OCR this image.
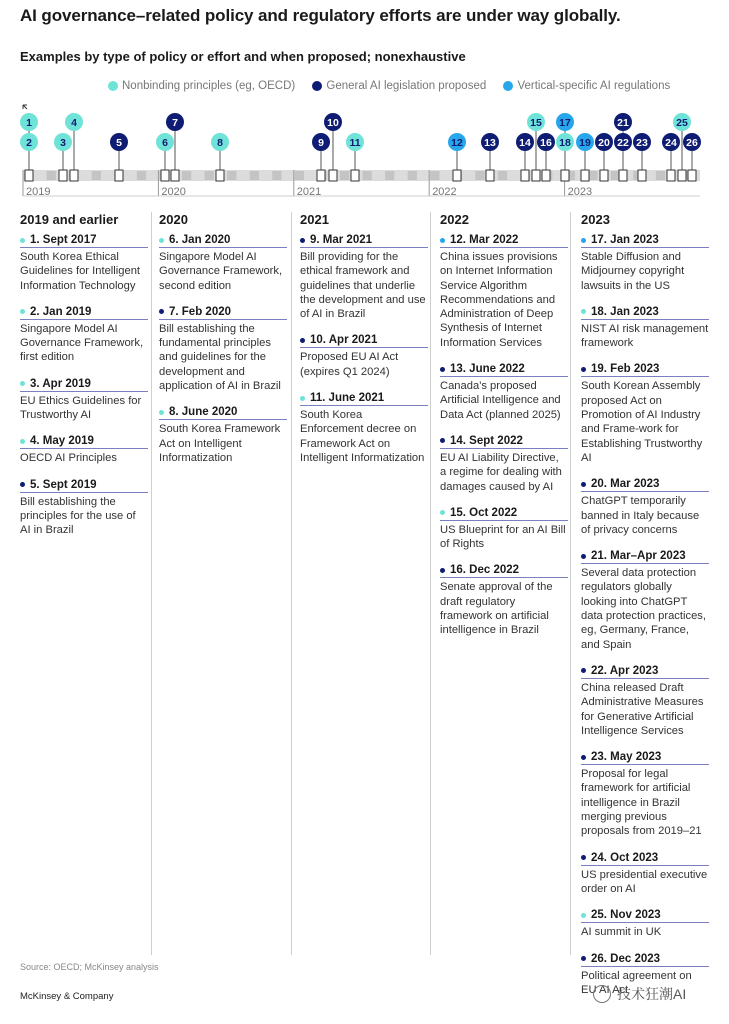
AI governance–related policy and regulatory efforts are under way globally.
Examples by type of policy or effort and when proposed; nonexhaustive
Nonbinding principles (eg, OECD)
	General AI legislation proposed
	Vertical-specific AI regulations
2019	2020	2021	2022	2023
1
2	3
4
5	6
7
8	9
10
11	12 13 14
15
16
17
18 19 20
21
22 23 24
25
26
2019 and earlier
1. Sept 2017
South Korea Ethical Guidelines for Intelligent Information Technology
2. Jan 2019
Singapore Model AI Governance Framework, first edition
3. Apr 2019
EU Ethics Guidelines for Trustworthy AI
4. May 2019
OECD AI Principles
5. Sept 2019
Bill establishing the principles for the use of AI in Brazil
2020
6. Jan 2020
Singapore Model AI Governance Framework, second edition
7. Feb 2020
Bill establishing the fundamental principles and guidelines for the development and application of AI in Brazil
8. June 2020
South Korea Framework Act on Intelligent Informatization
2021
9. Mar 2021
Bill providing for the ethical framework and guidelines that underlie the development and use of AI in Brazil
10. Apr 2021
Proposed EU AI Act (expires Q1 2024)
11. June 2021
South Korea Enforcement decree on Framework Act on Intelligent Informatization
2022
12. Mar 2022
China issues provisions on Internet Information Service Algorithm Recommendations and Administration of Deep Synthesis of Internet Information Services
13. June 2022
Canada's proposed Artificial Intelligence and Data Act (planned 2025)
14. Sept 2022
EU AI Liability Directive, a regime for dealing with damages caused by AI
15. Oct 2022
US Blueprint for an AI Bill of Rights
16. Dec 2022
Senate approval of the draft regulatory framework on artificial intelligence in Brazil
2023
17. Jan 2023
Stable Diffusion and Midjourney copyright lawsuits in the US
18. Jan 2023
NIST AI risk management framework
19. Feb 2023
South Korean Assembly proposed Act on Promotion of AI Industry and Frame-work for Establishing Trustworthy AI
20. Mar 2023
ChatGPT temporarily banned in Italy because of privacy concerns
21. Mar–Apr 2023
Several data protection regulators globally looking into ChatGPT data protection practices, eg, Germany, France, and Spain
22. Apr 2023
China released Draft Administrative Measures for Generative Artificial Intelligence Services
23. May 2023
Proposal for legal framework for artificial intelligence in Brazil merging previous proposals from 2019–21
24. Oct 2023
US presidential executive order on AI
25. Nov 2023
AI summit in UK
26. Dec 2023
Political agreement on EU AI Act
Source: OECD; McKinsey analysis
McKinsey & Company	技术狂潮AI
